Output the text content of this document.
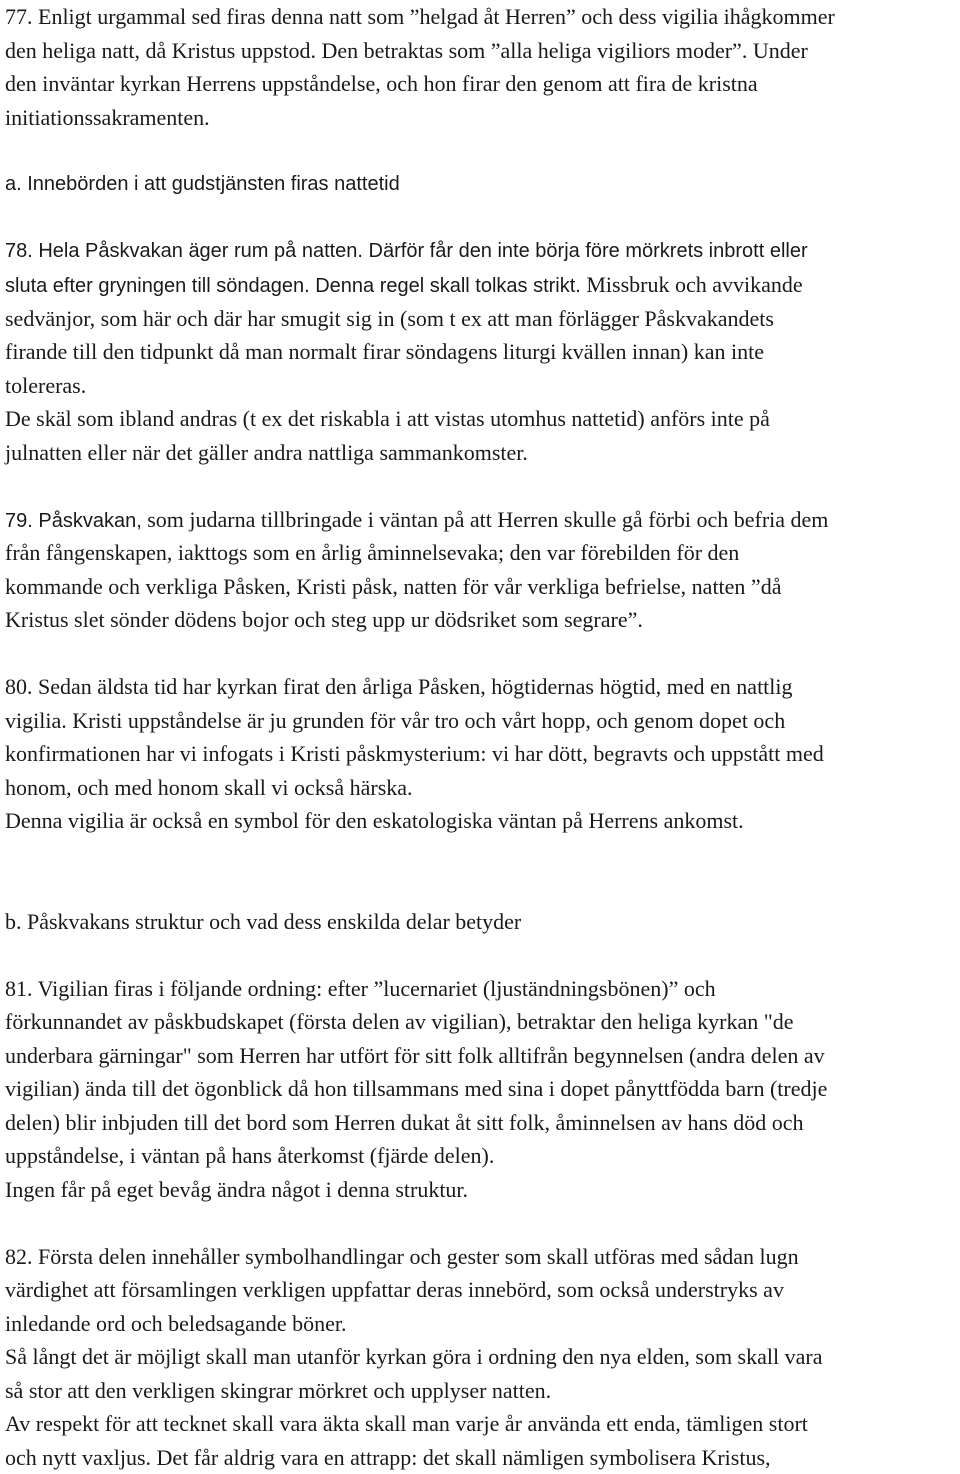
77. Enligt urgammal sed firas denna natt som ”helgad åt Herren” och dess vigilia ihågkommer
den heliga natt, då Kristus uppstod. Den betraktas som ”alla heliga vigiliors moder”. Under
den inväntar kyrkan Herrens uppståndelse, och hon firar den genom att fira de kristna
initiationssakramenten.
a. Innebörden i att gudstjänsten firas nattetid
78. Hela Påskvakan äger rum på natten. Därför får den inte börja före mörkrets inbrott eller
sluta efter gryningen till söndagen. Denna regel skall tolkas strikt. Missbruk och avvikande
sedvänjor, som här och där har smugit sig in (som t ex att man förlägger Påskvakandets
firande till den tidpunkt då man normalt firar söndagens liturgi kvällen innan) kan inte
tolereras.
De skäl som ibland andras (t ex det riskabla i att vistas utomhus nattetid) anförs inte på
julnatten eller när det gäller andra nattliga sammankomster.
79. Påskvakan, som judarna tillbringade i väntan på att Herren skulle gå förbi och befria dem
från fångenskapen, iakttogs som en årlig åminnelsevaka; den var förebilden för den
kommande och verkliga Påsken, Kristi påsk, natten för vår verkliga befrielse, natten ”då
Kristus slet sönder dödens bojor och steg upp ur dödsriket som segrare”.
80. Sedan äldsta tid har kyrkan firat den årliga Påsken, högtidernas högtid, med en nattlig
vigilia. Kristi uppståndelse är ju grunden för vår tro och vårt hopp, och genom dopet och
konfirmationen har vi infogats i Kristi påskmysterium: vi har dött, begravts och uppstått med
honom, och med honom skall vi också härska.
Denna vigilia är också en symbol för den eskatologiska väntan på Herrens ankomst.
b. Påskvakans struktur och vad dess enskilda delar betyder
81. Vigilian firas i följande ordning: efter ”lucernariet (ljuständningsbönen)” och
förkunnandet av påskbudskapet (första delen av vigilian), betraktar den heliga kyrkan "de
underbara gärningar" som Herren har utfört för sitt folk alltifrån begynnelsen (andra delen av
vigilian) ända till det ögonblick då hon tillsammans med sina i dopet pånyttfödda barn (tredje
delen) blir inbjuden till det bord som Herren dukat åt sitt folk, åminnelsen av hans död och
uppståndelse, i väntan på hans återkomst (fjärde delen).
Ingen får på eget bevåg ändra något i denna struktur.
82. Första delen innehåller symbolhandlingar och gester som skall utföras med sådan lugn
värdighet att församlingen verkligen uppfattar deras innebörd, som också understryks av
inledande ord och beledsagande böner.
Så långt det är möjligt skall man utanför kyrkan göra i ordning den nya elden, som skall vara
så stor att den verkligen skingrar mörkret och upplyser natten.
Av respekt för att tecknet skall vara äkta skall man varje år använda ett enda, tämligen stort
och nytt vaxljus. Det får aldrig vara en attrapp: det skall nämligen symbolisera Kristus,
